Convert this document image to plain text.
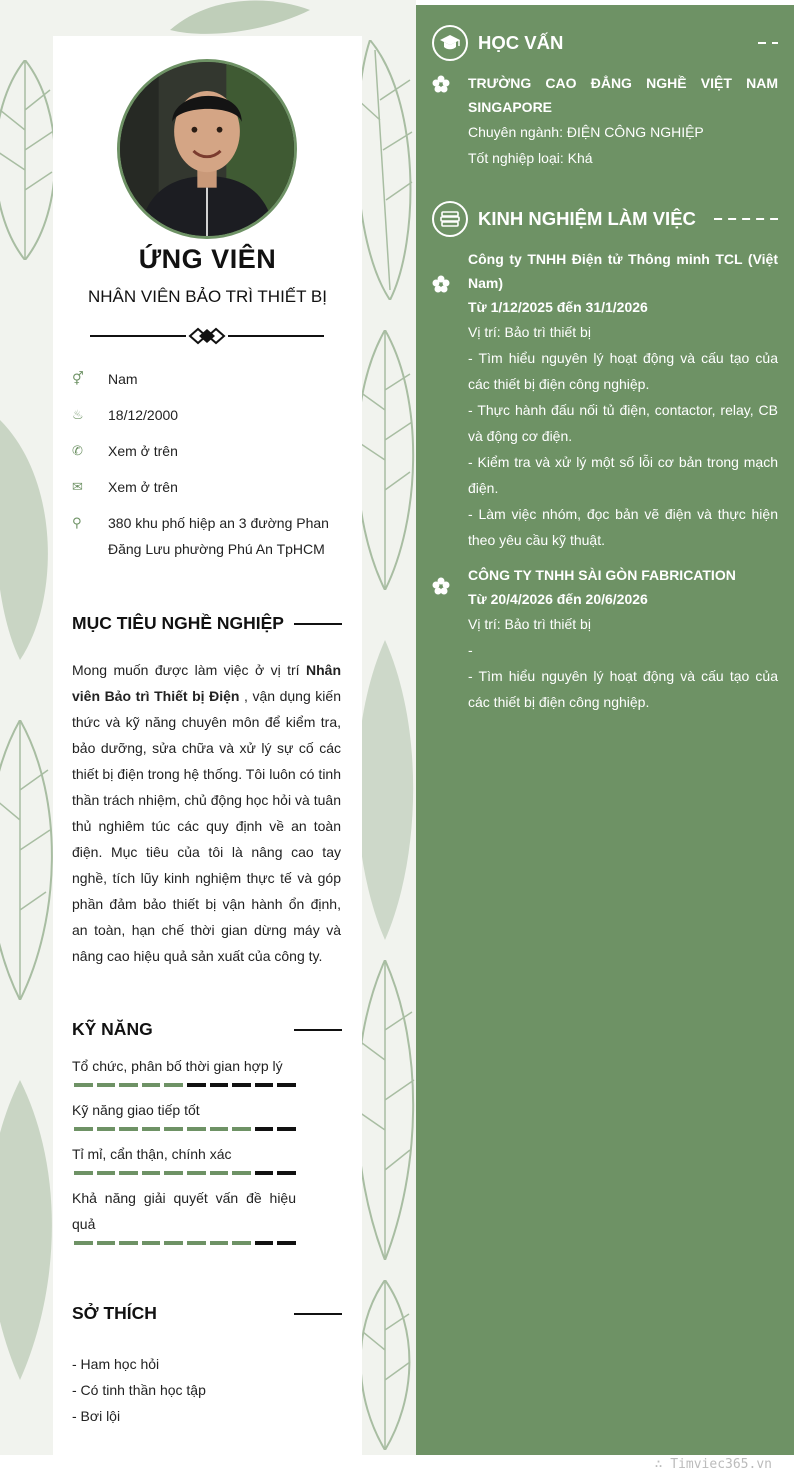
ỨNG VIÊN
NHÂN VIÊN BẢO TRÌ THIẾT BỊ
⚥	Nam
♨	18/12/2000
✆	Xem ở trên
✉	Xem ở trên
⚲	380 khu phố hiệp an 3 đường Phan Đăng Lưu phường Phú An TpHCM
MỤC TIÊU NGHỀ NGHIỆP
Mong muốn được làm việc ở vị trí Nhân viên Bảo trì Thiết bị Điện , vận dụng kiến thức và kỹ năng chuyên môn để kiểm tra, bảo dưỡng, sửa chữa và xử lý sự cố các thiết bị điện trong hệ thống. Tôi luôn có tinh thần trách nhiệm, chủ động học hỏi và tuân thủ nghiêm túc các quy định về an toàn điện. Mục tiêu của tôi là nâng cao tay nghề, tích lũy kinh nghiệm thực tế và góp phần đảm bảo thiết bị vận hành ổn định, an toàn, hạn chế thời gian dừng máy và nâng cao hiệu quả sản xuất của công ty.
KỸ NĂNG
Tổ chức, phân bố thời gian hợp lý
Kỹ năng giao tiếp tốt
Tỉ mỉ, cẩn thận, chính xác
Khả năng giải quyết vấn đề hiệu quả
SỞ THÍCH
- Ham học hỏi
- Có tinh thần học tập
- Bơi lội
HỌC VẤN
TRƯỜNG CAO ĐẲNG NGHỀ VIỆT NAM SINGAPORE
Chuyên ngành: ĐIỆN CÔNG NGHIỆP
Tốt nghiệp loại: Khá
KINH NGHIỆM LÀM VIỆC
Công ty TNHH Điện tử Thông minh TCL (Việt Nam)
Từ 1/12/2025 đến 31/1/2026
Vị trí: Bảo trì thiết bị
- Tìm hiểu nguyên lý hoạt động và cấu tạo của các thiết bị điện công nghiệp.
- Thực hành đấu nối tủ điện, contactor, relay, CB và động cơ điện.
- Kiểm tra và xử lý một số lỗi cơ bản trong mạch điện.
- Làm việc nhóm, đọc bản vẽ điện và thực hiện theo yêu cầu kỹ thuật.
CÔNG TY TNHH SÀI GÒN FABRICATION
Từ 20/4/2026 đến 20/6/2026
Vị trí: Bảo trì thiết bị
-
- Tìm hiểu nguyên lý hoạt động và cấu tạo của các thiết bị điện công nghiệp.
∴ Timviec365.vn
